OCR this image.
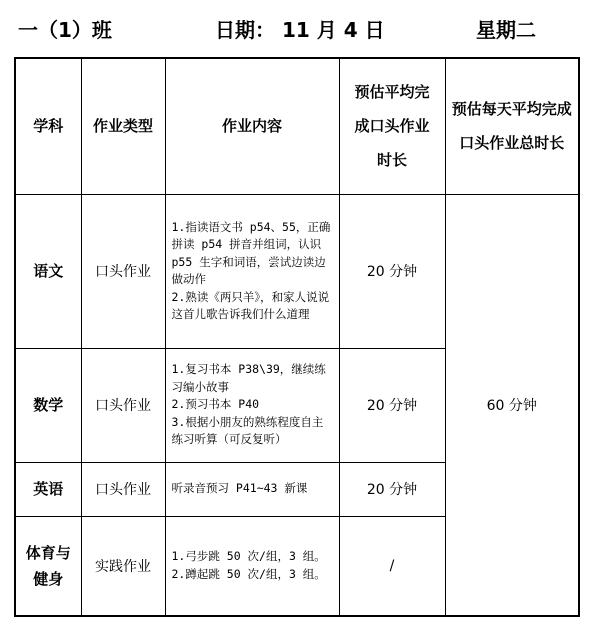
一（1）班	日期： 11 月 4 日	星期二
学科	作业类型	作业内容	预估平均完成口头作业时长	预估每天平均完成口头作业总时长
语文	口头作业	1.指读语文书 p54、55，正确拼读 p54 拼音并组词，认识 p55 生字和词语，尝试边读边做动作
2.熟读《两只羊》，和家人说说这首儿歌告诉我们什么道理	20 分钟	60 分钟
数学	口头作业	1.复习书本 P38\39，继续练习编小故事
2.预习书本 P40
3.根据小朋友的熟练程度自主练习听算（可反复听）	20 分钟	
英语	口头作业	听录音预习 P41~43 新课	20 分钟	
体育与健身	实践作业	1.弓步跳 50 次/组，3 组。
2.蹲起跳 50 次/组，3 组。	/	
